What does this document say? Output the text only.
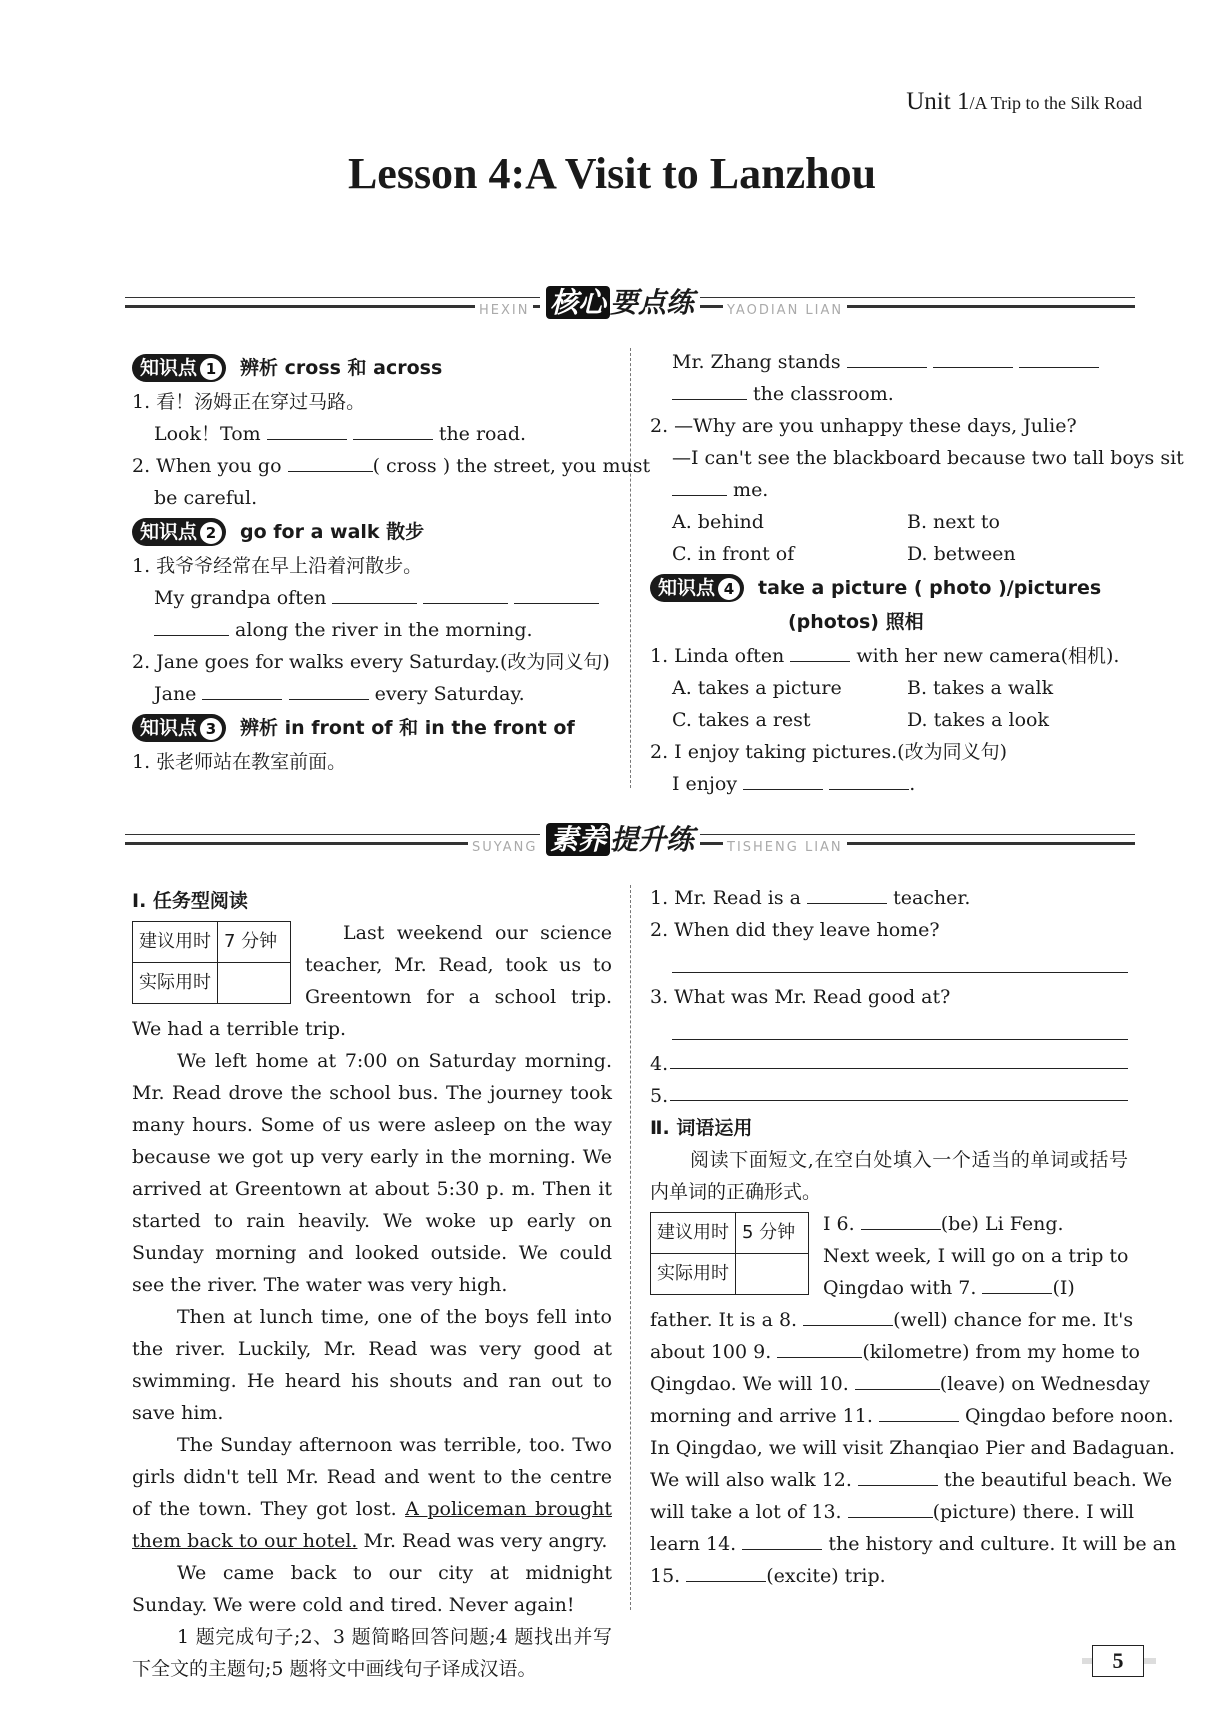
Unit 1/A Trip to the Silk Road
Lesson 4:A Visit to Lanzhou
HEXIN 核心 要点练	YAODIAN LIAN
知识点 1 辨析 cross 和 across

1. 看！汤姆正在穿过马路。

Look！Tom	the road.

2. When you go	( cross ) the street, you must

be careful.

知识点 2 go for a walk 散步

1. 我爷爷经常在早上沿着河散步。

My grandpa often

along the river in the morning.

2. Jane goes for walks every Saturday.(改为同义句)

Jane	every Saturday.

知识点 3 辨析 in front of 和 in the front of

1. 张老师站在教室前面。

Mr. Zhang stands

the classroom.

2. —Why are you unhappy these days, Julie?

—I can't see the blackboard because two tall boys sit

me.

A. behind	B. next to

C. in front of	D. between

知识点 4 take a picture ( photo )/pictures
(photos) 照相

1. Linda often	with her new camera(相机).

A. takes a picture	B. takes a walk

C. takes a rest	D. takes a look

2. I enjoy taking pictures.(改为同义句)

I enjoy	.

SUYANG 素养 提升练	TISHENG LIAN

Ⅰ. 任务型阅读

建议用时	7 分钟
实际用时	

Last weekend our science teacher, Mr. Read, took us to Greentown for a school trip. We had a terrible trip.

We left home at 7:00 on Saturday morning. Mr. Read drove the school bus. The journey took many hours. Some of us were asleep on the way because we got up very early in the morning. We arrived at Greentown at about 5:30 p. m. Then it started to rain heavily. We woke up early on Sunday morning and looked outside. We could see the river. The water was very high.

Then at lunch time, one of the boys fell into the river. Luckily, Mr. Read was very good at swimming. He heard his shouts and ran out to save him.

The Sunday afternoon was terrible, too. Two girls didn't tell Mr. Read and went to the centre of the town. They got lost. A policeman brought them back to our hotel. Mr. Read was very angry.

We came back to our city at midnight Sunday. We were cold and tired. Never again!

1 题完成句子;2、3 题简略回答问题;4 题找出并写下全文的主题句;5 题将文中画线句子译成汉语。

1. Mr. Read is a	teacher.

2. When did they leave home?

3. What was Mr. Read good at?

4.

5.

Ⅱ. 词语运用

阅读下面短文,在空白处填入一个适当的单词或括号内单词的正确形式。

建议用时	5 分钟
实际用时	

I 6.	(be) Li Feng.

Next week, I will go on a trip to

Qingdao with 7.	(I)

father. It is a 8.	(well) chance for me. It's

about 100 9.	(kilometre) from my home to

Qingdao. We will 10.	(leave) on Wednesday

morning and arrive 11.	Qingdao before noon.

In Qingdao, we will visit Zhanqiao Pier and Badaguan.

We will also walk 12.	the beautiful beach. We

will take a lot of 13.	(picture) there. I will

learn 14.	the history and culture. It will be an

15.	(excite) trip.

5
